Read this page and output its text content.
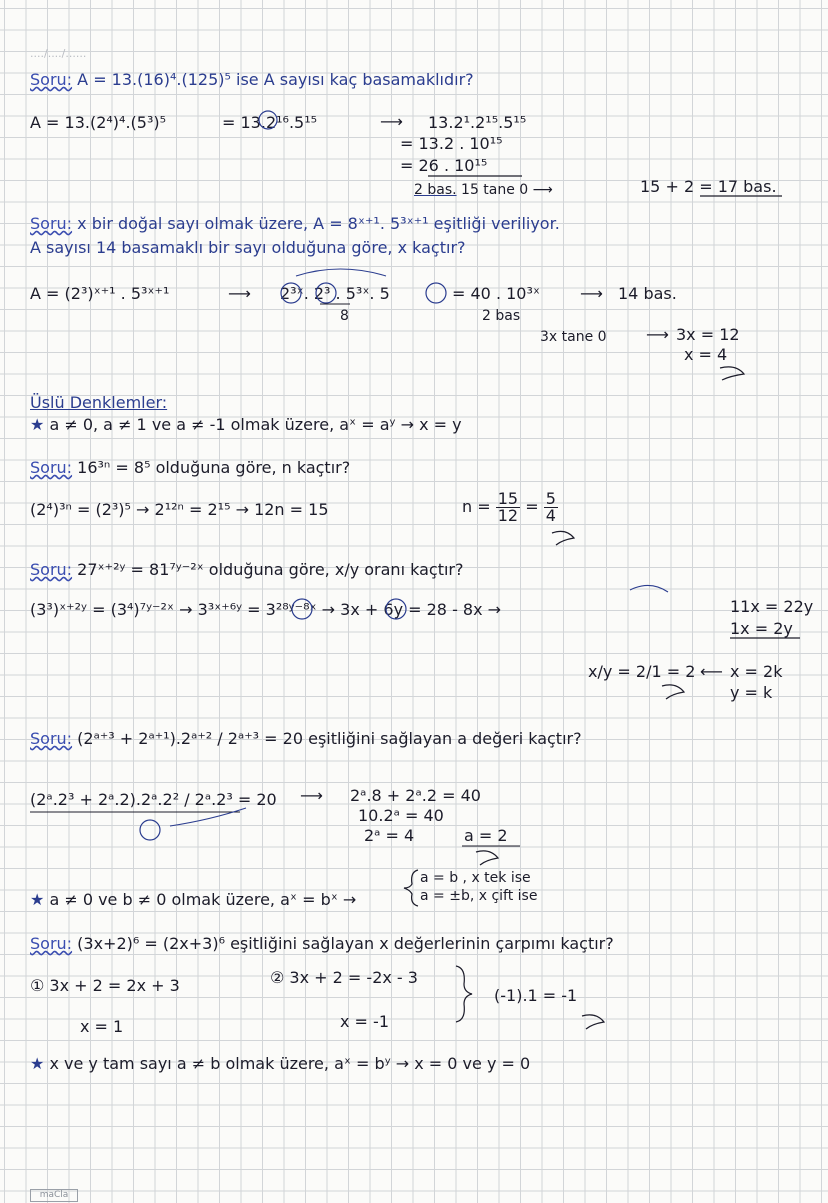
..../..../......
Soru: A = 13.(16)⁴.(125)⁵ ise A sayısı kaç basamaklıdır?
A = 13.(2⁴)⁴.(5³)⁵	= 13.2¹⁶.5¹⁵	⟶ 13.2¹.2¹⁵.5¹⁵
= 13.2 . 10¹⁵
= 26 . 10¹⁵
2 bas. 15 tane 0 ⟶	15 + 2 = 17 bas.
Soru: x bir doğal sayı olmak üzere, A = 8ˣ⁺¹. 5³ˣ⁺¹ eşitliği veriliyor.
A sayısı 14 basamaklı bir sayı olduğuna göre, x kaçtır?
A = (2³)ˣ⁺¹ . 5³ˣ⁺¹	⟶ 2³ˣ. 2³ . 5³ˣ. 5
8
= 40 . 10³ˣ	⟶ 14 bas.
2 bas
3x tane 0 ⟶ 3x = 12
x = 4
Üslü Denklemler:
★ a ≠ 0, a ≠ 1 ve a ≠ -1 olmak üzere, aˣ = aʸ → x = y
Soru: 16³ⁿ = 8⁵ olduğuna göre, n kaçtır?
(2⁴)³ⁿ = (2³)⁵ → 2¹²ⁿ = 2¹⁵ → 12n = 15	$n = \frac{15}{12} = \frac{5}{4}$
Soru: 27ˣ⁺²ʸ = 81⁷ʸ⁻²ˣ olduğuna göre, x/y oranı kaçtır?
(3³)ˣ⁺²ʸ = (3⁴)⁷ʸ⁻²ˣ → 3³ˣ⁺⁶ʸ = 3²⁸ʸ⁻⁸ˣ → 3x + 6y = 28 - 8x →	11x = 22y
1x = 2y
x/y = 2/1 = 2 ⟵ x = 2k
y = k
Soru: (2ᵃ⁺³ + 2ᵃ⁺¹).2ᵃ⁺² / 2ᵃ⁺³ = 20 eşitliğini sağlayan a değeri kaçtır?
(2ᵃ.2³ + 2ᵃ.2).2ᵃ.2² / 2ᵃ.2³ = 20 ⟶ 2ᵃ.8 + 2ᵃ.2 = 40
10.2ᵃ = 40
2ᵃ = 4	a = 2
★ a ≠ 0 ve b ≠ 0 olmak üzere, aˣ = bˣ →
a = b , x tek ise
a = ±b, x çift ise
Soru: (3x+2)⁶ = (2x+3)⁶ eşitliğini sağlayan x değerlerinin çarpımı kaçtır?
① 3x + 2 = 2x + 3	② 3x + 2 = -2x - 3
x = 1	x = -1
(-1).1 = -1
★ x ve y tam sayı a ≠ b olmak üzere, aˣ = bʸ → x = 0 ve y = 0
maCla
